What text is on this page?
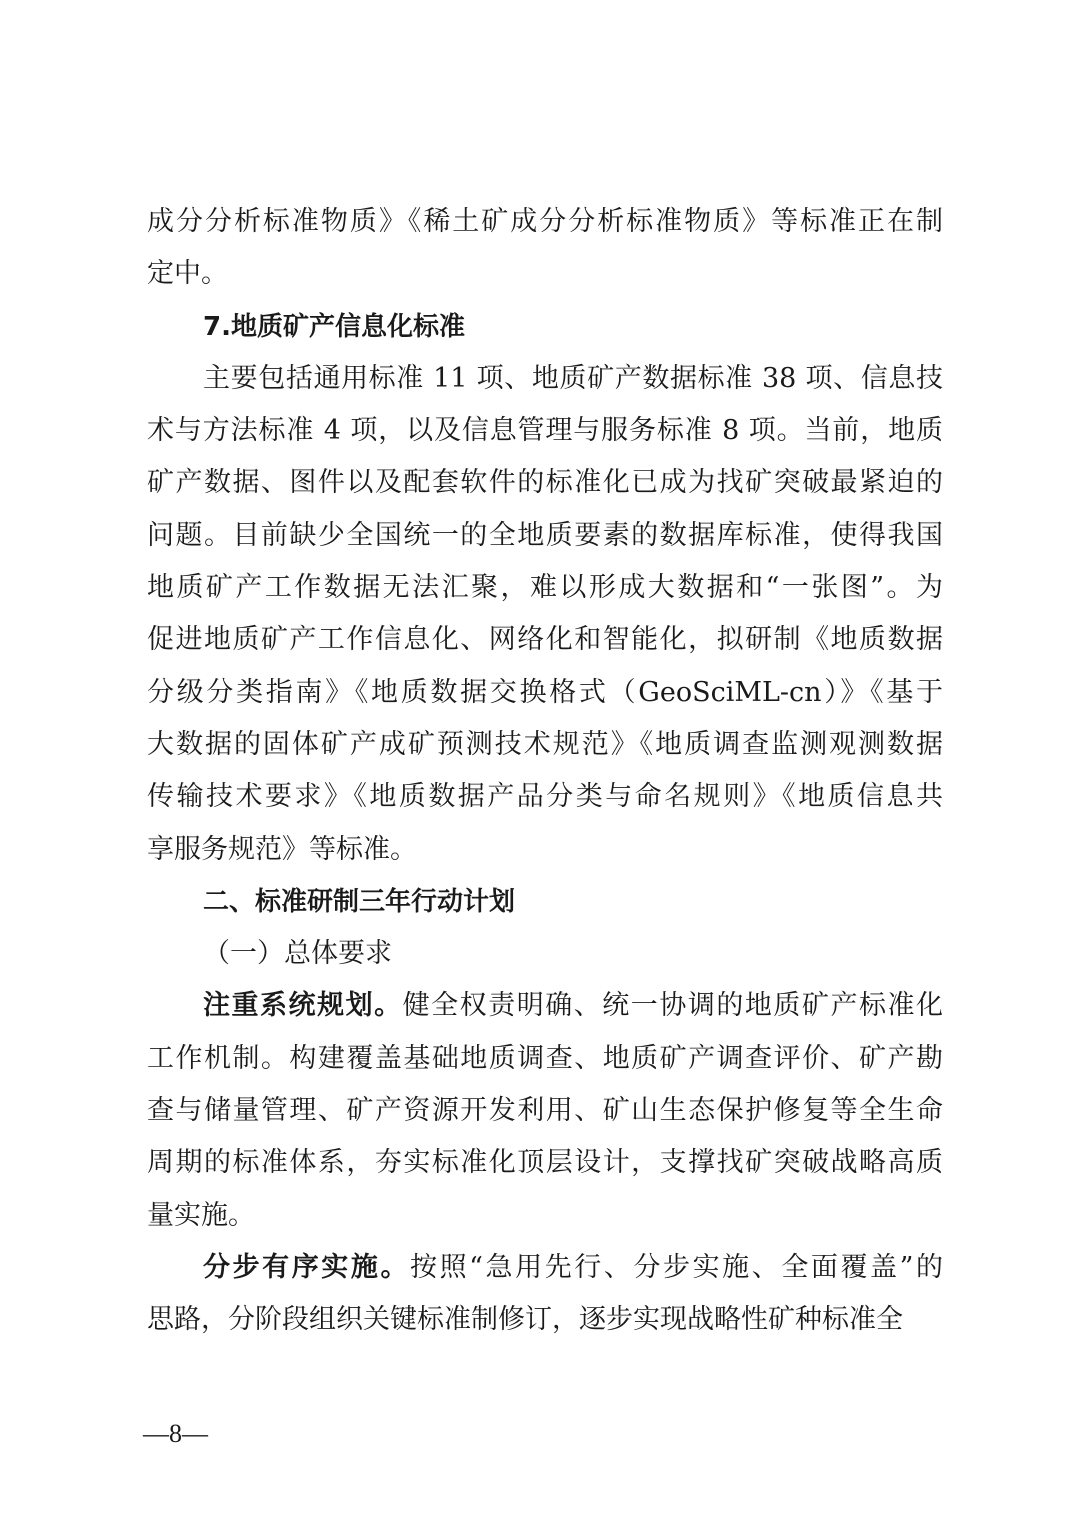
成分分析标准物质》《稀土矿成分分析标准物质》等标准正在制
定中。
7.地质矿产信息化标准
主要包括通用标准 11 项、地质矿产数据标准 38 项、信息技
术与方法标准 4 项，以及信息管理与服务标准 8 项。当前，地质
矿产数据、图件以及配套软件的标准化已成为找矿突破最紧迫的
问题。目前缺少全国统一的全地质要素的数据库标准，使得我国
地质矿产工作数据无法汇聚，难以形成大数据和“一张图”。为
促进地质矿产工作信息化、网络化和智能化，拟研制《地质数据
分级分类指南》《地质数据交换格式（GeoSciML-cn）》《基于
大数据的固体矿产成矿预测技术规范》《地质调查监测观测数据
传输技术要求》《地质数据产品分类与命名规则》《地质信息共
享服务规范》等标准。
二、标准研制三年行动计划
（一）总体要求
注重系统规划。健全权责明确、统一协调的地质矿产标准化
工作机制。构建覆盖基础地质调查、地质矿产调查评价、矿产勘
查与储量管理、矿产资源开发利用、矿山生态保护修复等全生命
周期的标准体系，夯实标准化顶层设计，支撑找矿突破战略高质
量实施。
分步有序实施。按照“急用先行、分步实施、全面覆盖”的
思路，分阶段组织关键标准制修订，逐步实现战略性矿种标准全
—8—
